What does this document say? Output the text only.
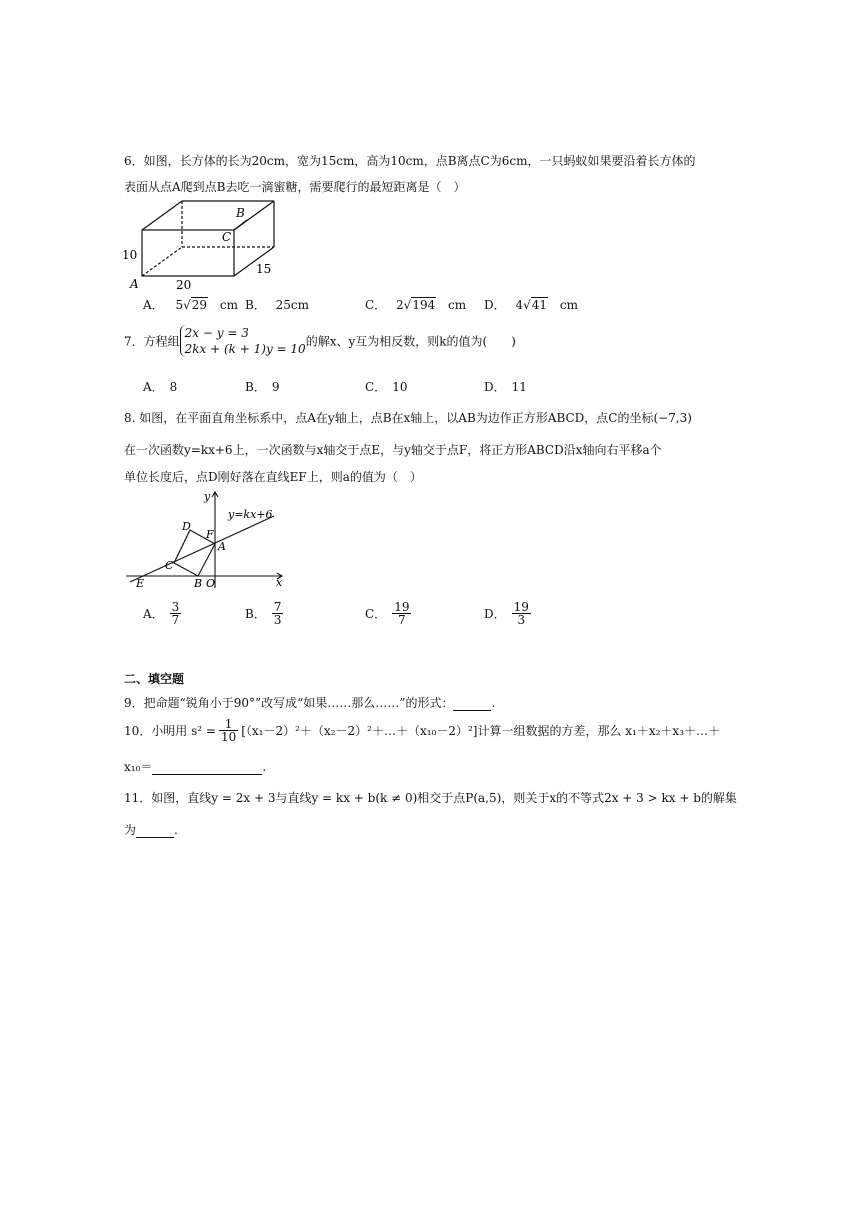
6．如图，长方体的长为20cm，宽为15cm，高为10cm，点B离点C为6cm，一只蚂蚁如果要沿着长方体的
表面从点A爬到点B去吃一滴蜜糖，需要爬行的最短距离是（　）
B
C
A
10
20
15
A． 5√29 cm B． 25cm	C． 2√194 cm D． 4√41 cm
7．方程组
2x − y = 3
2kx + (k + 1)y = 10
的解x、y互为相反数，则k的值为(　　)
A． 8	B． 9	C． 10	D． 11
8. 如图，在平面直角坐标系中，点A在y轴上，点B在x轴上，以AB为边作正方形ABCD，点C的坐标(−7,3)
在一次函数y=kx+6上，一次函数与x轴交于点E，与y轴交于点F，将正方形ABCD沿x轴向右平移a个
单位长度后，点D刚好落在直线EF上，则a的值为（　）
y
x
y=kx+6
D
F
A
C
E	B O
A． $\frac{3}{7}$	B． $\frac{7}{3}$	C． $\frac{19}{7}$	D． $\frac{19}{3}$
二、填空题
9．把命题“锐角小于90°”改写成“如果……那么……”的形式：	.
10．小明用 $s^2 = \frac{1}{10}$ [（x₁－2）²＋（x₂－2）²＋…＋（x₁₀－2）²]计算一组数据的方差，那么 x₁＋x₂＋x₃＋…＋
x₁₀＝	.
11．如图，直线y = 2x + 3与直线y = kx + b(k ≠ 0)相交于点P(a,5)，则关于x的不等式2x + 3 > kx + b的解集
为	.
